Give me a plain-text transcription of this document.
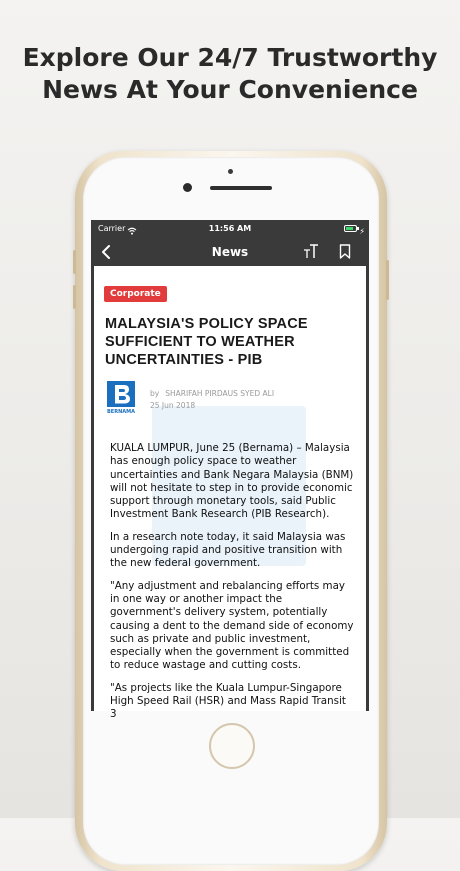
Explore Our 24/7 Trustworthy
News At Your Convenience
Carrier	11:56 AM	⚡
News
Corporate
MALAYSIA'S POLICY SPACE SUFFICIENT TO WEATHER UNCERTAINTIES - PIB
BERNAMA
by SHARIFAH PIRDAUS SYED ALI
25 Jun 2018

KUALA LUMPUR, June 25 (Bernama) – Malaysia has enough policy space to weather uncertainties and Bank Negara Malaysia (BNM) will not hesitate to step in to provide economic support through monetary tools, said Public Investment Bank Research (PIB Research).

In a research note today, it said Malaysia was undergoing rapid and positive transition with the new federal government.

"Any adjustment and rebalancing efforts may in one way or another impact the government's delivery system, potentially causing a dent to the demand side of economy such as private and public investment, especially when the government is committed to reduce wastage and cutting costs.

"As projects like the Kuala Lumpur-Singapore High Speed Rail (HSR) and Mass Rapid Transit 3
